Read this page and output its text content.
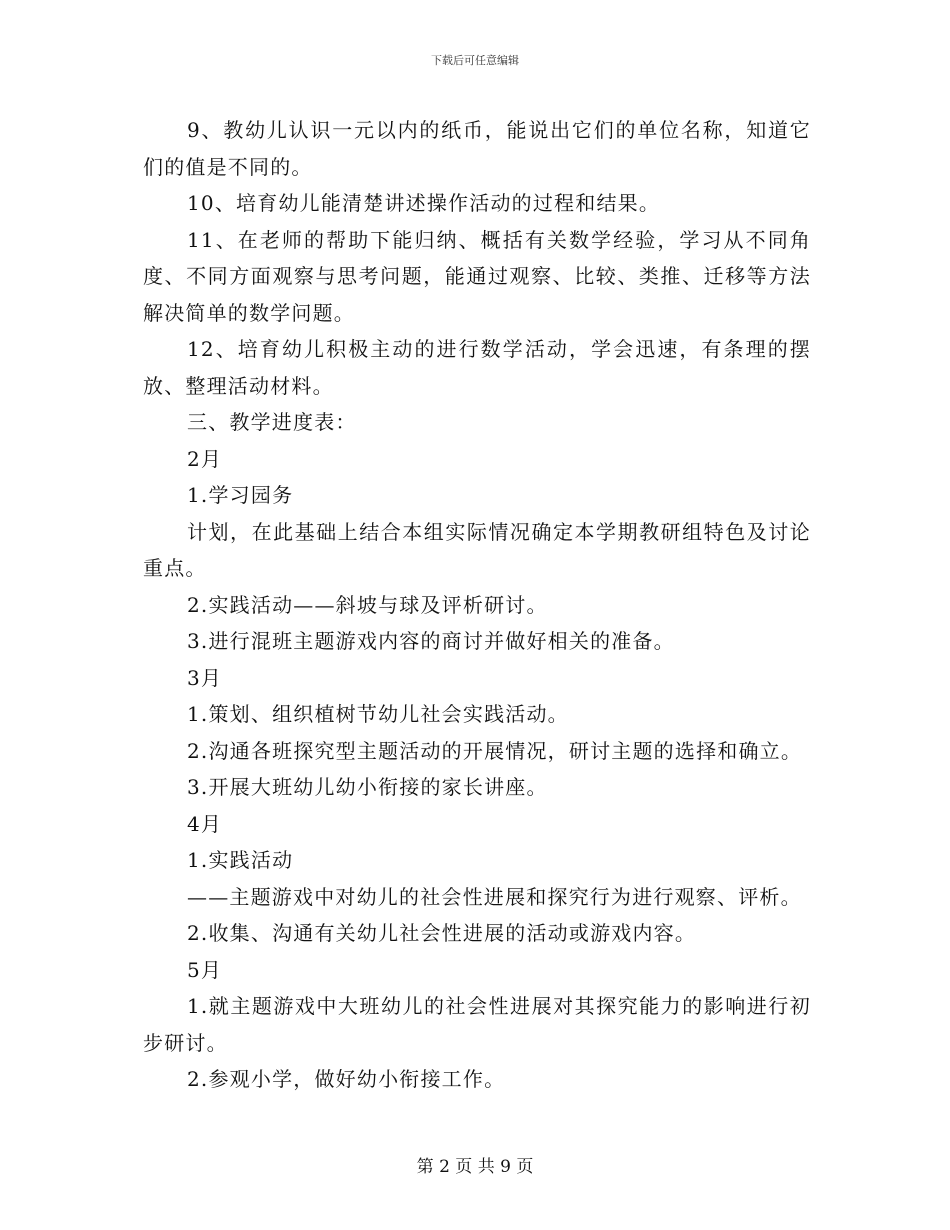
下载后可任意编辑

9、教幼儿认识一元以内的纸币，能说出它们的单位名称，知道它们的值是不同的。

10、培育幼儿能清楚讲述操作活动的过程和结果。

11、在老师的帮助下能归纳、概括有关数学经验，学习从不同角度、不同方面观察与思考问题，能通过观察、比较、类推、迁移等方法解决简单的数学问题。

12、培育幼儿积极主动的进行数学活动，学会迅速，有条理的摆放、整理活动材料。

三、教学进度表：

2月

1.学习园务

计划，在此基础上结合本组实际情况确定本学期教研组特色及讨论重点。

2.实践活动——斜坡与球及评析研讨。

3.进行混班主题游戏内容的商讨并做好相关的准备。

3月

1.策划、组织植树节幼儿社会实践活动。

2.沟通各班探究型主题活动的开展情况，研讨主题的选择和确立。

3.开展大班幼儿幼小衔接的家长讲座。

4月

1.实践活动

——主题游戏中对幼儿的社会性进展和探究行为进行观察、评析。

2.收集、沟通有关幼儿社会性进展的活动或游戏内容。

5月

1.就主题游戏中大班幼儿的社会性进展对其探究能力的影响进行初步研讨。

2.参观小学，做好幼小衔接工作。

第 2 页 共 9 页
